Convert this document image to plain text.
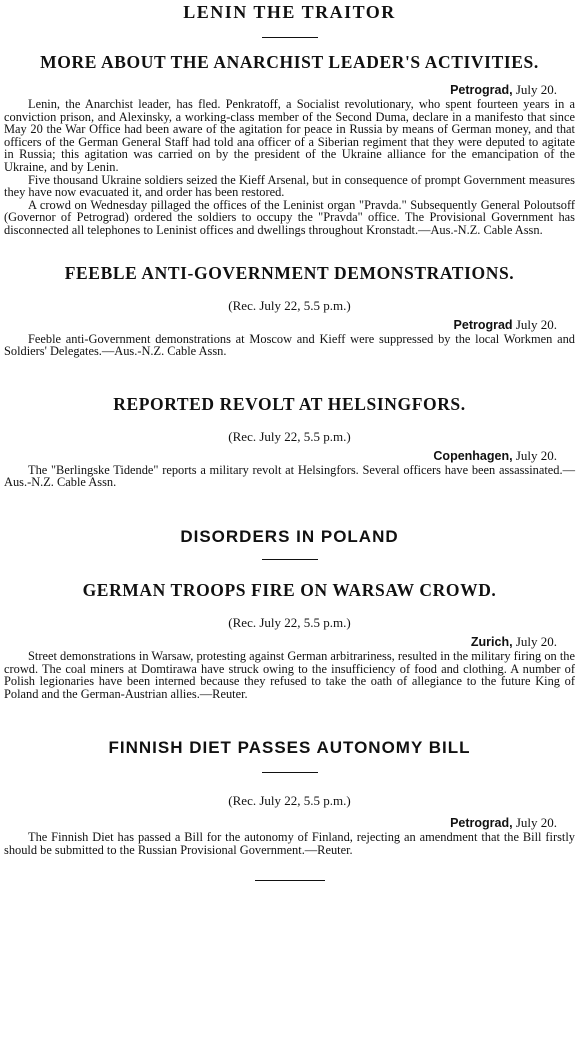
LENIN THE TRAITOR
MORE ABOUT THE ANARCHIST LEADER'S ACTIVITIES.

Petrograd, July 20.

Lenin, the Anarchist leader, has fled. Penkratoff, a Socialist revolutionary, who spent fourteen years in a conviction prison, and Alexinsky, a working-class member of the Second Duma, declare in a manifesto that since May 20 the War Office had been aware of the agitation for peace in Russia by means of German money, and that officers of the German General Staff had told ana officer of a Siberian regiment that they were deputed to agitate in Russia; this agitation was carried on by the president of the Ukraine alliance for the emancipation of the Ukraine, and by Lenin.

Five thousand Ukraine soldiers seized the Kieff Arsenal, but in consequence of prompt Government measures they have now evacuated it, and order has been restored.

A crowd on Wednesday pillaged the offices of the Leninist organ "Pravda." Subsequently General Poloutsoff (Governor of Petrograd) ordered the soldiers to occupy the "Pravda" office. The Provisional Government has disconnected all telephones to Leninist offices and dwellings throughout Kronstadt.—Aus.-N.Z. Cable Assn.

FEEBLE ANTI-GOVERNMENT DEMONSTRATIONS.

(Rec. July 22, 5.5 p.m.)

Petrograd July 20.

Feeble anti-Government demonstrations at Moscow and Kieff were suppressed by the local Workmen and Soldiers' Delegates.—Aus.-N.Z. Cable Assn.

REPORTED REVOLT AT HELSINGFORS.

(Rec. July 22, 5.5 p.m.)

Copenhagen, July 20.

The "Berlingske Tidende" reports a military revolt at Helsingfors. Several officers have been assassinated.—Aus.-N.Z. Cable Assn.

DISORDERS IN POLAND
GERMAN TROOPS FIRE ON WARSAW CROWD.

(Rec. July 22, 5.5 p.m.)

Zurich, July 20.

Street demonstrations in Warsaw, protesting against German arbitrariness, resulted in the military firing on the crowd. The coal miners at Domtirawa have struck owing to the insufficiency of food and clothing. A number of Polish legionaries have been interned because they refused to take the oath of allegiance to the future King of Poland and the German-Austrian allies.—Reuter.

FINNISH DIET PASSES AUTONOMY BILL

(Rec. July 22, 5.5 p.m.)

Petrograd, July 20.

The Finnish Diet has passed a Bill for the autonomy of Finland, rejecting an amendment that the Bill firstly should be submitted to the Russian Provisional Government.—Reuter.
